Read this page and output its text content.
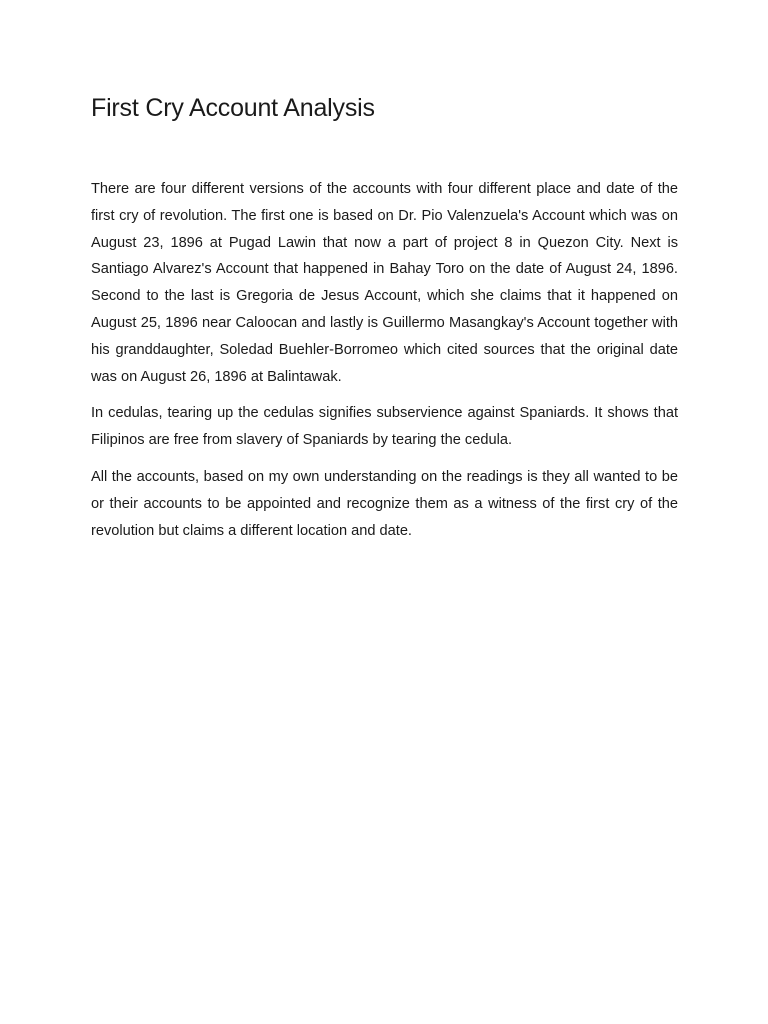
First Cry Account Analysis

There are four different versions of the accounts with four different place and date of the first cry of revolution. The first one is based on Dr. Pio Valenzuela's Account which was on August 23, 1896 at Pugad Lawin that now a part of project 8 in Quezon City. Next is Santiago Alvarez's Account that happened in Bahay Toro on the date of August 24, 1896. Second to the last is Gregoria de Jesus Account, which she claims that it happened on August 25, 1896 near Caloocan and lastly is Guillermo Masangkay's Account together with his granddaughter, Soledad Buehler-Borromeo which cited sources that the original date was on August 26, 1896 at Balintawak.

In cedulas, tearing up the cedulas signifies subservience against Spaniards. It shows that Filipinos are free from slavery of Spaniards by tearing the cedula.

All the accounts, based on my own understanding on the readings is they all wanted to be or their accounts to be appointed and recognize them as a witness of the first cry of the revolution but claims a different location and date.
